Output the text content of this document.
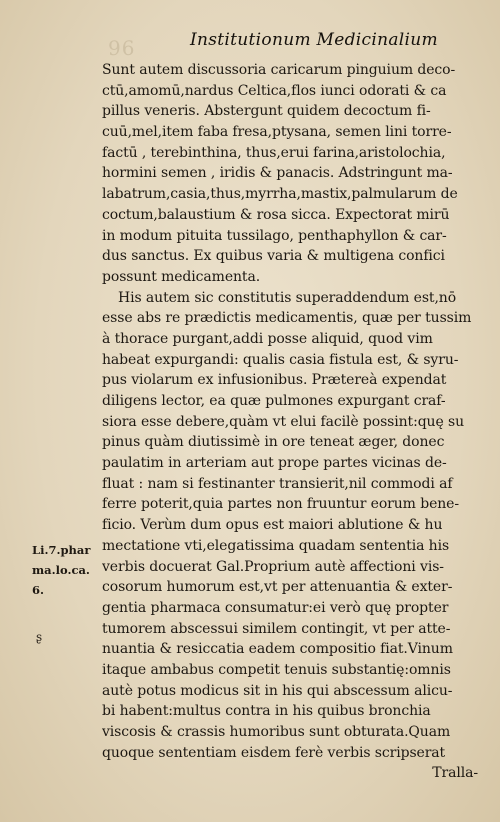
96	Institutionum Medicinalium
Sunt autem discussoria caricarum pinguium deco-
ctū,amomū,nardus Celtica,flos iunci odorati & ca
pillus veneris. Abstergunt quidem decoctum fi-
cuū,mel,item faba fresa,ptysana, semen lini torre-
factū , terebinthina, thus,erui farina,aristolochia,
hormini semen , iridis & panacis. Adstringunt ma-
labatrum,casia,thus,myrrha,mastix,palmularum de
coctum,balaustium & rosa sicca. Expectorat mirū
in modum pituita tussilago, penthaphyllon & car-
dus sanctus. Ex quibus varia & multigena confici
possunt medicamenta.
His autem sic constitutis superaddendum est,nō
esse abs re prædictis medicamentis, quæ per tussim
à thorace purgant,addi posse aliquid, quod vim
habeat expurgandi: qualis casia fistula est, & syru-
pus violarum ex infusionibus. Prætereà expendat
diligens lector, ea quæ pulmones expurgant craf-
siora esse debere,quàm vt elui facilè possint:quę su
pinus quàm diutissimè in ore teneat æger, donec
paulatim in arteriam aut prope partes vicinas de-
fluat : nam si festinanter transierit,nil commodi af
ferre poterit,quia partes non fruuntur eorum bene-
ficio. Verùm dum opus est maiori ablutione & hu
mectatione vti,elegatissima quadam sententia his
verbis docuerat Gal.Proprium autè affectioni vis-
cosorum humorum est,vt per attenuantia & exter-
gentia pharmaca consumatur:ei verò quę propter
tumorem abscessui similem contingit, vt per atte-
nuantia & resiccatia eadem compositio fiat.Vinum
itaque ambabus competit tenuis substantię:omnis
autè potus modicus sit in his qui abscessum alicu-
bi habent:multus contra in his quibus bronchia
viscosis & crassis humoribus sunt obturata.Quam
quoque sententiam eisdem ferè verbis scripserat
Tralla-
Li.7.phar
ma.lo.ca.
6.
ʂ
